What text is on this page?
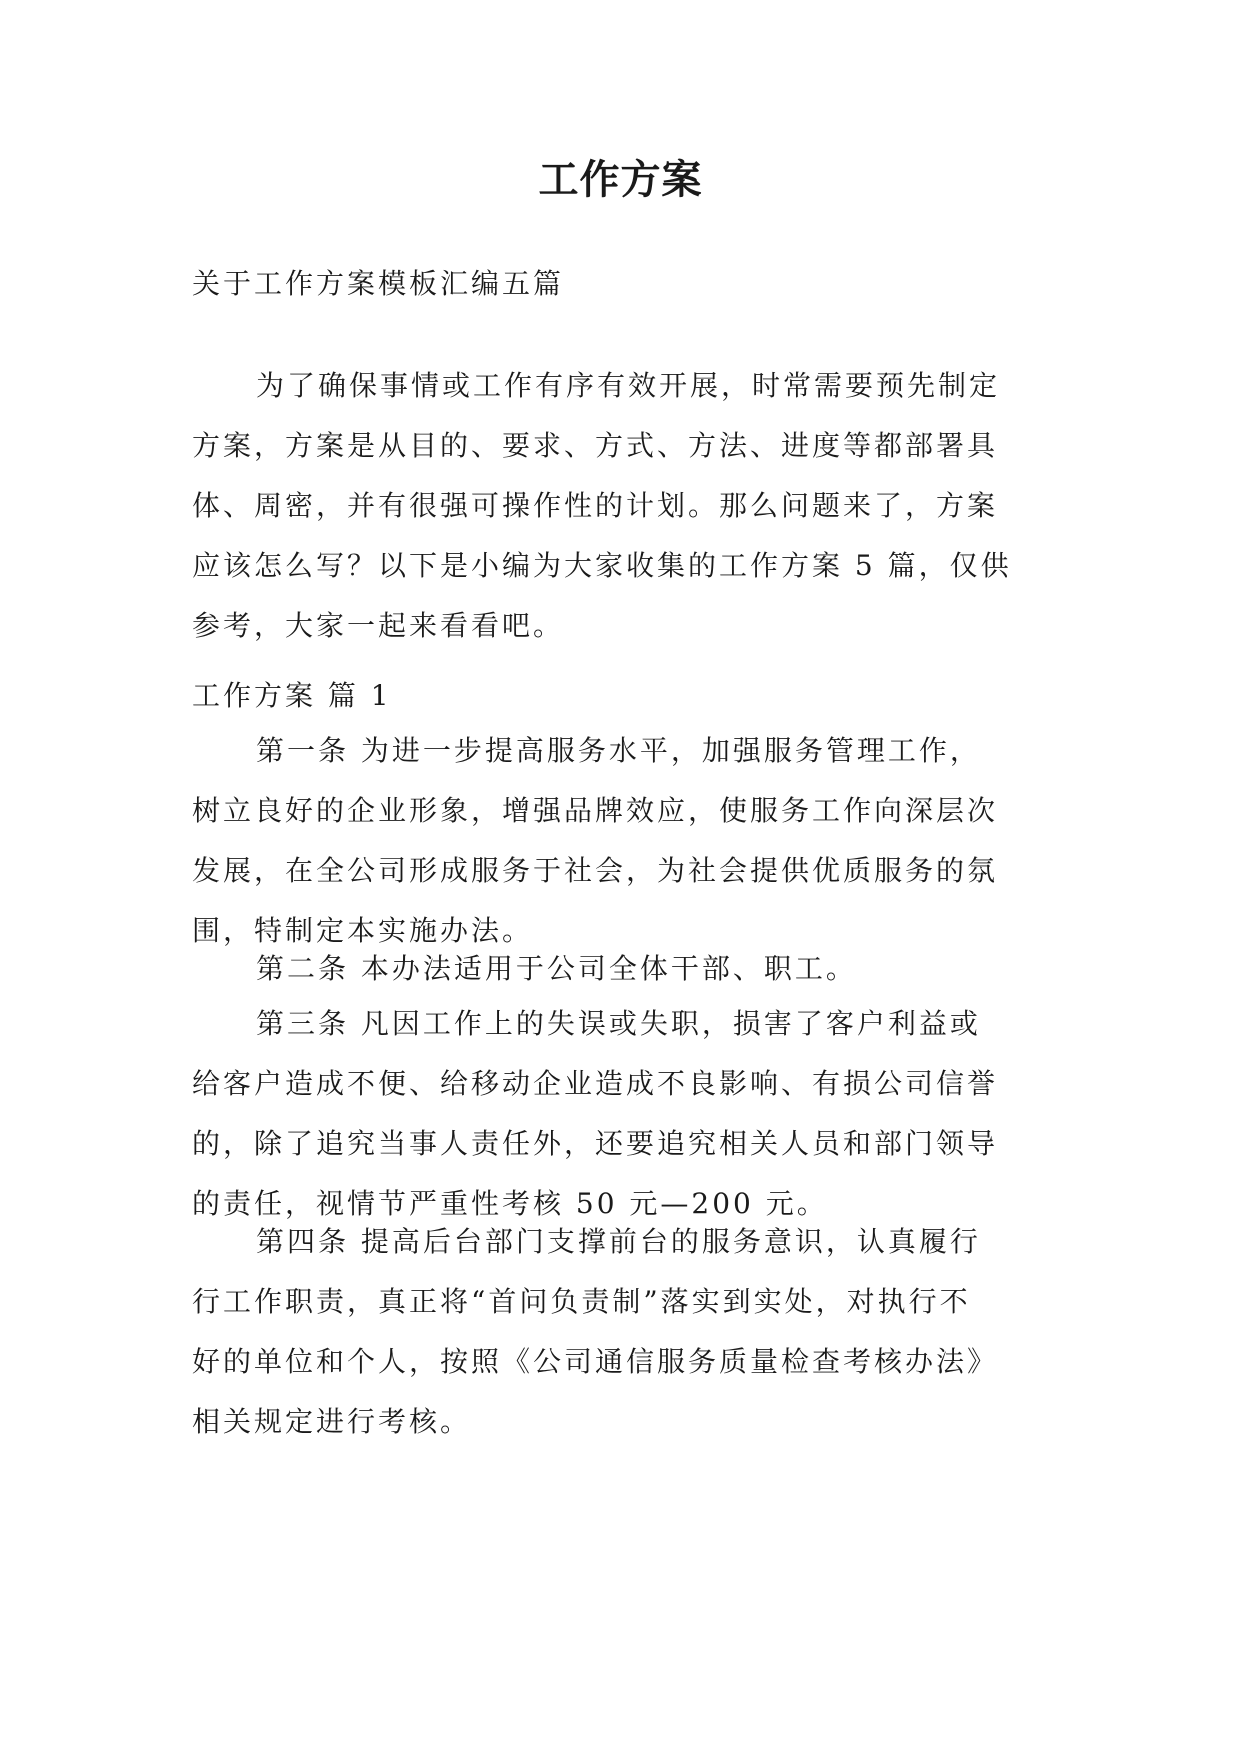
工作方案

关于工作方案模板汇编五篇

为了确保事情或工作有序有效开展，时常需要预先制定
方案，方案是从目的、要求、方式、方法、进度等都部署具
体、周密，并有很强可操作性的计划。那么问题来了，方案
应该怎么写？以下是小编为大家收集的工作方案 5 篇，仅供
参考，大家一起来看看吧。

工作方案 篇 1

第一条 为进一步提高服务水平，加强服务管理工作，
树立良好的企业形象，增强品牌效应，使服务工作向深层次
发展，在全公司形成服务于社会，为社会提供优质服务的氛
围，特制定本实施办法。
第二条 本办法适用于公司全体干部、职工。
第三条 凡因工作上的失误或失职，损害了客户利益或
给客户造成不便、给移动企业造成不良影响、有损公司信誉
的，除了追究当事人责任外，还要追究相关人员和部门领导
的责任，视情节严重性考核 50 元—200 元。
第四条 提高后台部门支撑前台的服务意识，认真履行
行工作职责，真正将“首问负责制”落实到实处，对执行不
好的单位和个人，按照《公司通信服务质量检查考核办法》
相关规定进行考核。
